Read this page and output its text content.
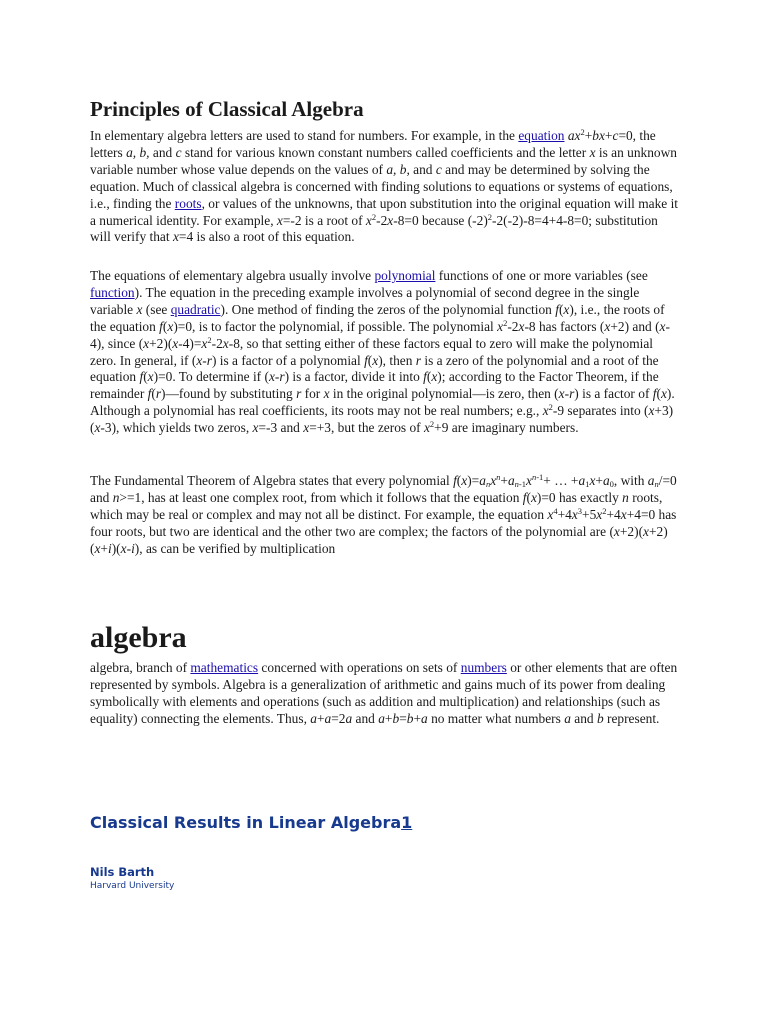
Principles of Classical Algebra

In elementary algebra letters are used to stand for numbers. For example, in the equation $ax^2+bx+c=0$, the letters a, b, and c stand for various known constant numbers called coefficients and the letter x is an unknown variable number whose value depends on the values of a, b, and c and may be determined by solving the equation. Much of classical algebra is concerned with finding solutions to equations or systems of equations, i.e., finding the roots, or values of the unknowns, that upon substitution into the original equation will make it a numerical identity. For example, x=-2 is a root of $x^2-2x-8=0$ because $(-2)^2-2(-2)-8=4+4-8=0$; substitution will verify that x=4 is also a root of this equation.

The equations of elementary algebra usually involve polynomial functions of one or more variables (see function). The equation in the preceding example involves a polynomial of second degree in the single variable x (see quadratic). One method of finding the zeros of the polynomial function f(x), i.e., the roots of the equation f(x)=0, is to factor the polynomial, if possible. The polynomial $x^2-2x-8$ has factors (x+2) and (x-4), since $(x+2)(x-4)=x^2-2x-8$, so that setting either of these factors equal to zero will make the polynomial zero. In general, if (x-r) is a factor of a polynomial f(x), then r is a zero of the polynomial and a root of the equation f(x)=0. To determine if (x-r) is a factor, divide it into f(x); according to the Factor Theorem, if the remainder f(r)—found by substituting r for x in the original polynomial—is zero, then (x-r) is a factor of f(x). Although a polynomial has real coefficients, its roots may not be real numbers; e.g., $x^2-9$ separates into (x+3)(x-3), which yields two zeros, x=-3 and x=+3, but the zeros of $x^2+9$ are imaginary numbers.

The Fundamental Theorem of Algebra states that every polynomial $f(x)=a_nx^n+a_{n-1}x^{n-1}+$ … $+a_1x+a_0$, with $a_n/=0$ and n>=1, has at least one complex root, from which it follows that the equation f(x)=0 has exactly n roots, which may be real or complex and may not all be distinct. For example, the equation $x^4+4x^3+5x^2+4x+4=0$ has four roots, but two are identical and the other two are complex; the factors of the polynomial are (x+2)(x+2)(x+i)(x-i), as can be verified by multiplication

algebra

algebra, branch of mathematics concerned with operations on sets of numbers or other elements that are often represented by symbols. Algebra is a generalization of arithmetic and gains much of its power from dealing symbolically with elements and operations (such as addition and multiplication) and relationships (such as equality) connecting the elements. Thus, a+a=2a and a+b=b+a no matter what numbers a and b represent.

Classical Results in Linear Algebra1
Nils Barth
Harvard University
